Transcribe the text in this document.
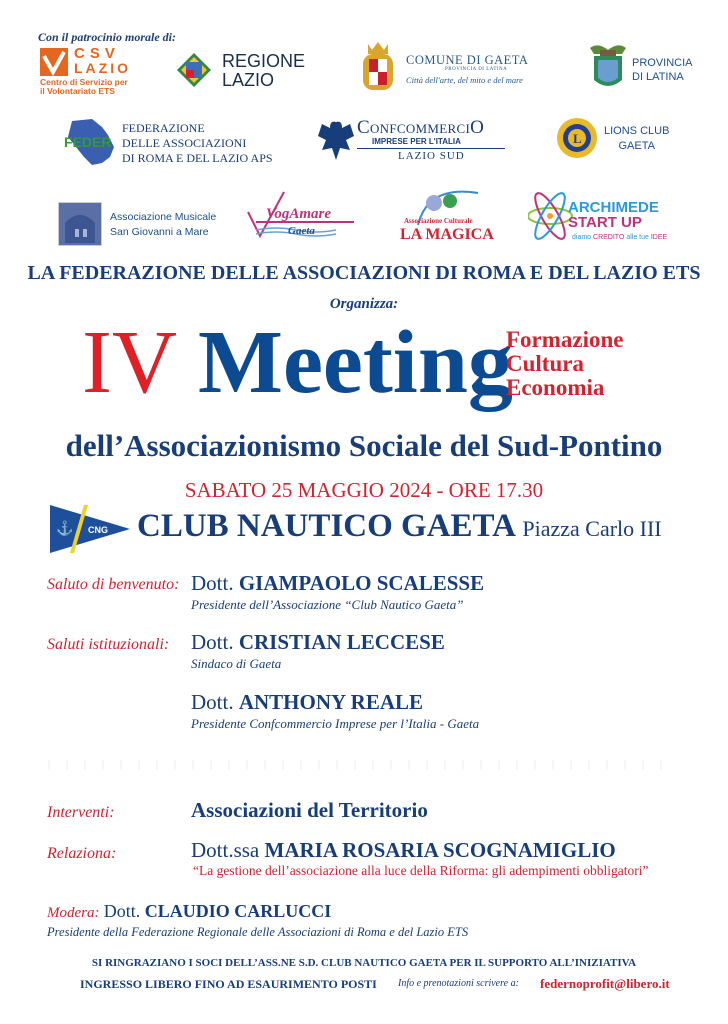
Con il patrocinio morale di:
CSV
LAZIO
Centro di Servizio per
il Volontariato ETS
REGIONE
LAZIO
COMUNE DI GAETA
PROVINCIA DI LATINA
Città dell'arte, del mito e del mare
PROVINCIA
DI LATINA
FEDER
FEDERAZIONE
DELLE ASSOCIAZIONI
DI ROMA E DEL LAZIO APS
ConfcommerciO
IMPRESE PER L'ITALIA
LAZIO SUD
L LIONS CLUB
GAETA
Associazione Musicale
San Giovanni a Mare
VogAmare
Gaeta
Associazione Culturale
LA MAGICA
ARCHIMEDE
START UP
diamo CREDITO alle tue IDEE
LA FEDERAZIONE DELLE ASSOCIAZIONI DI ROMA E DEL LAZIO ETS
Organizza:
IV Meeting
Formazione
Cultura
Economia
dell’Associazionismo Sociale del Sud-Pontino
SABATO 25 MAGGIO 2024 - ORE 17.30
⚓ CNG CLUB NAUTICO GAETA Piazza Carlo III
Saluto di benvenuto: Dott. GIAMPAOLO SCALESSE
Presidente dell’Associazione “Club Nautico Gaeta”
Saluti istituzionali: Dott. CRISTIAN LECCESE
Sindaco di Gaeta
Dott. ANTHONY REALE
Presidente Confcommercio Imprese per l’Italia - Gaeta
Interventi:	Associazioni del Territorio
Relaziona:	Dott.ssa MARIA ROSARIA SCOGNAMIGLIO
“La gestione dell’associazione alla luce della Riforma: gli adempimenti obbligatori”
Modera: Dott. CLAUDIO CARLUCCI
Presidente della Federazione Regionale delle Associazioni di Roma e del Lazio ETS
SI RINGRAZIANO I SOCI DELL’ASS.NE S.D. CLUB NAUTICO GAETA PER IL SUPPORTO ALL’INIZIATIVA
INGRESSO LIBERO FINO AD ESAURIMENTO POSTI Info e prenotazioni scrivere a: federnoprofit@libero.it
